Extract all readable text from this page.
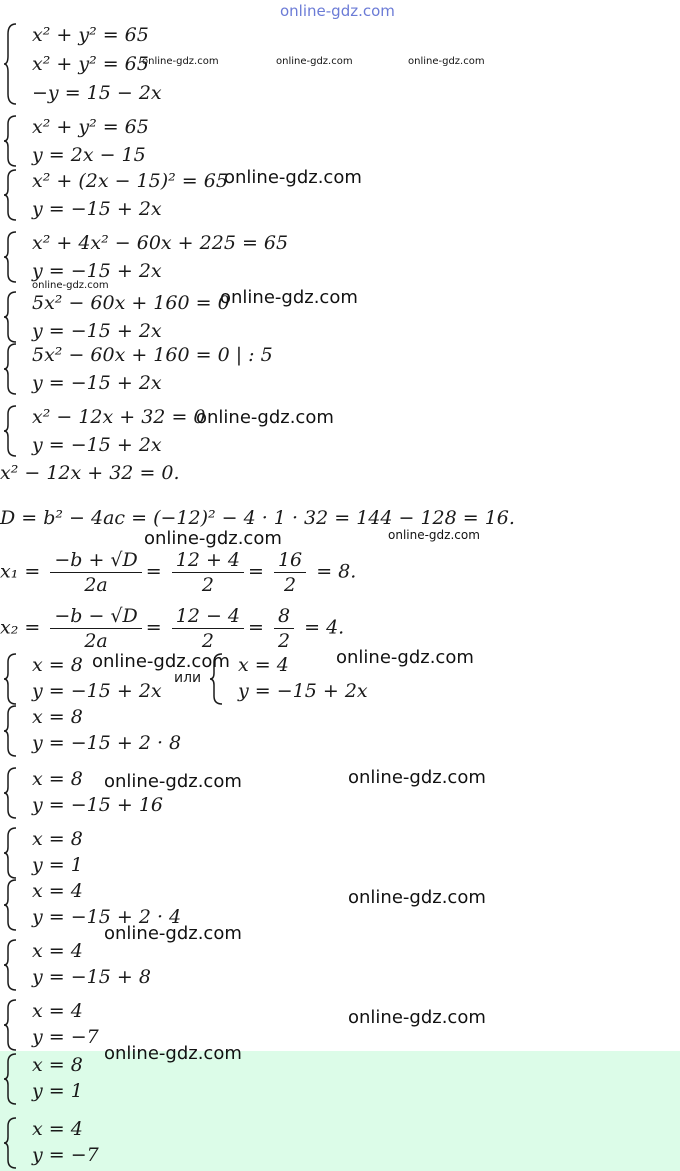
online-gdz.com
x² + y² = 65
x² + y² = 65
−y = 15 − 2x
online-gdz.com	online-gdz.com	online-gdz.com
x² + y² = 65
y = 2x − 15
x² + (2x − 15)² = 65
y = −15 + 2x
online-gdz.com
x² + 4x² − 60x + 225 = 65
y = −15 + 2x
online-gdz.com
5x² − 60x + 160 = 0
y = −15 + 2x
online-gdz.com
5x² − 60x + 160 = 0 | : 5
y = −15 + 2x
x² − 12x + 32 = 0
y = −15 + 2x
online-gdz.com
x² − 12x + 32 = 0.
D = b² − 4ac = (−12)² − 4 · 1 · 32 = 144 − 128 = 16.
online-gdz.com
online-gdz.com
$x_1 = \frac{-b + √D}{2a} = \frac{12 + 4}{2} = \frac{16}{2} = 8$.
$x_2 = \frac{-b - √D}{2a} = \frac{12 - 4}{2} = \frac{8}{2} = 4$.
x = 8
y = −15 + 2x
или
x = 4
y = −15 + 2x
online-gdz.com	online-gdz.com
x = 8
y = −15 + 2 · 8
x = 8
y = −15 + 16
online-gdz.com	online-gdz.com
x = 8
y = 1
x = 4
y = −15 + 2 · 4
online-gdz.com
online-gdz.com
x = 4
y = −15 + 8
x = 4
y = −7
online-gdz.com
x = 8
y = 1
online-gdz.com
x = 4
y = −7
